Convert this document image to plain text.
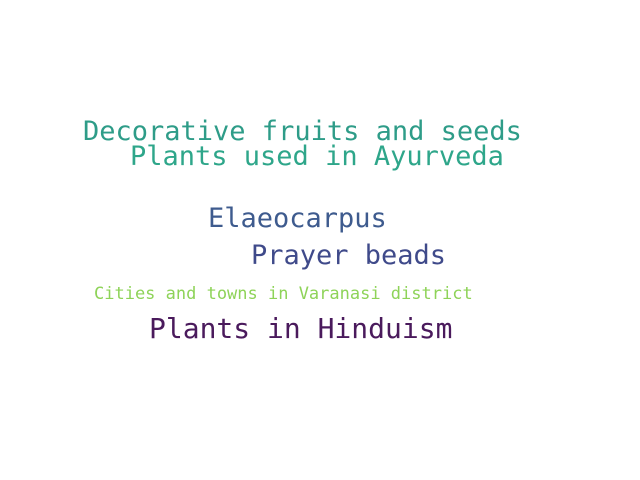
Decorative fruits and seeds
Plants used in Ayurveda
Elaeocarpus
Prayer beads
Cities and towns in Varanasi district
Plants in Hinduism
